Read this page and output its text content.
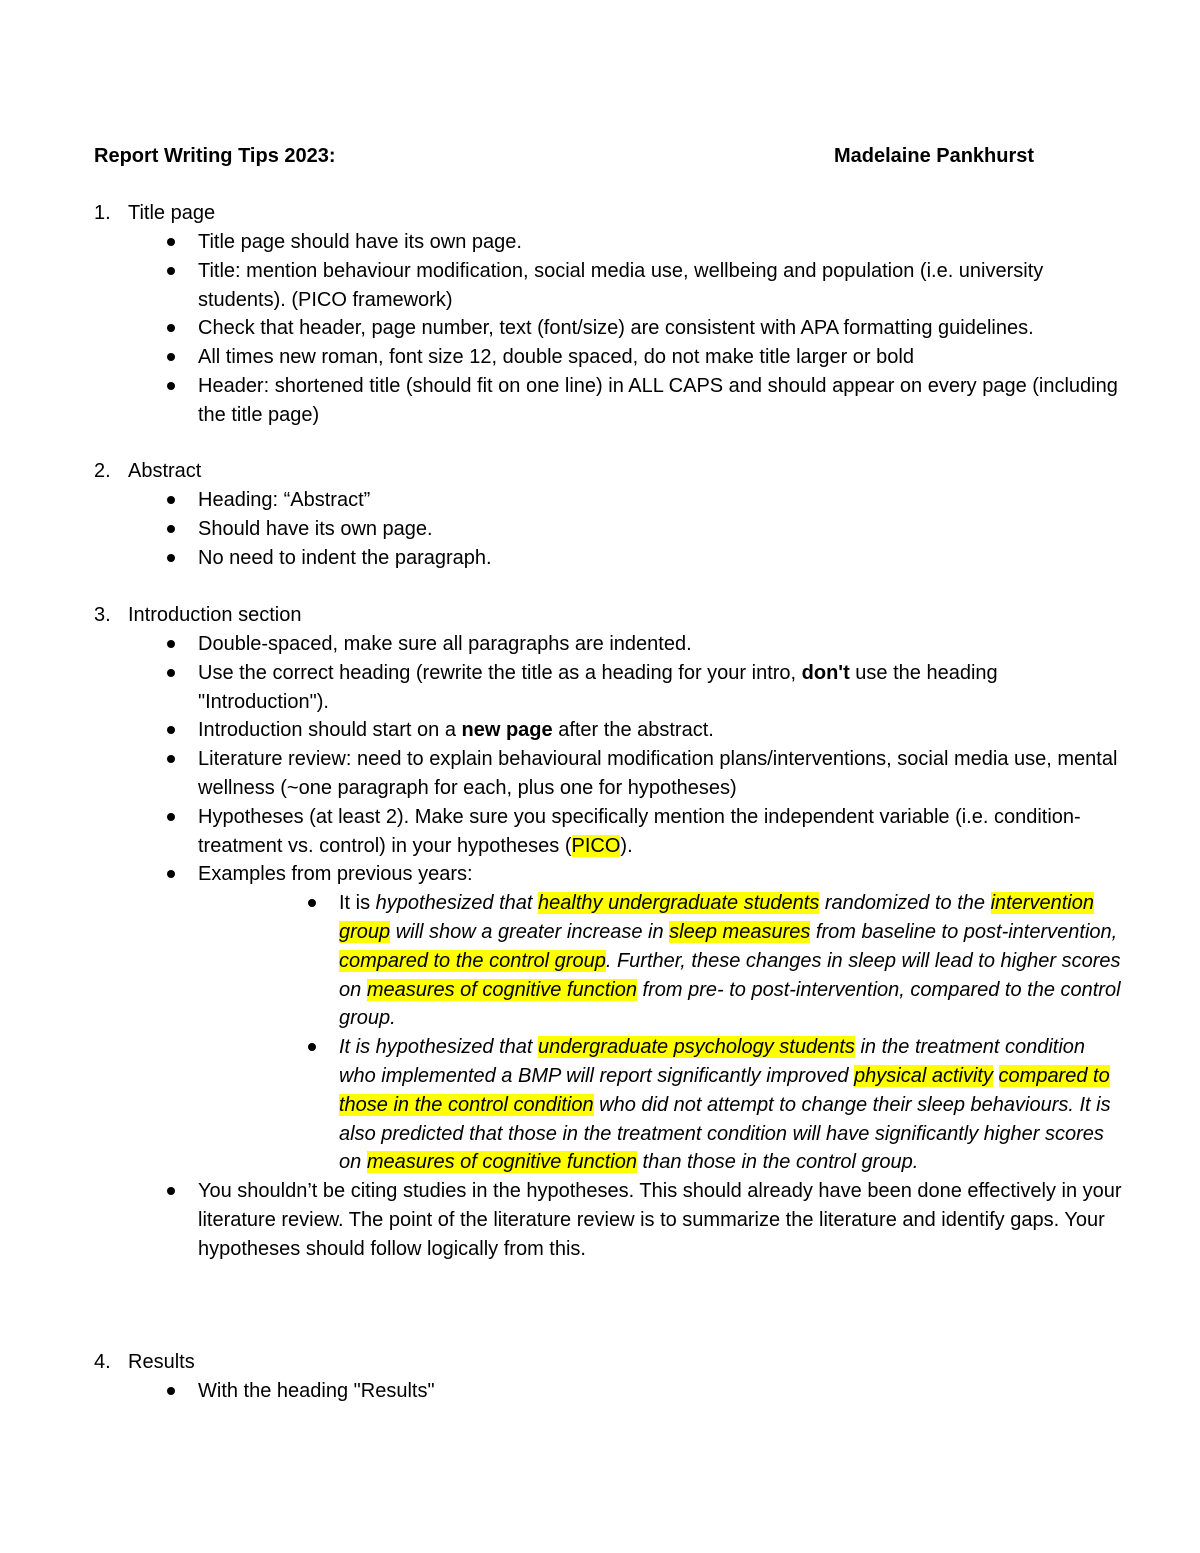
Report Writing Tips 2023:	Madelaine Pankhurst
1. Title page
Title page should have its own page.
Title: mention behaviour modification, social media use, wellbeing and population (i.e. university students). (PICO framework)
Check that header, page number, text (font/size) are consistent with APA formatting guidelines.
All times new roman, font size 12, double spaced, do not make title larger or bold
Header: shortened title (should fit on one line) in ALL CAPS and should appear on every page (including the title page)
2. Abstract
Heading: “Abstract”
Should have its own page.
No need to indent the paragraph.
3. Introduction section
Double-spaced, make sure all paragraphs are indented.
Use the correct heading (rewrite the title as a heading for your intro, don't use the heading "Introduction").
Introduction should start on a new page after the abstract.
Literature review: need to explain behavioural modification plans/interventions, social media use, mental wellness (~one paragraph for each, plus one for hypotheses)
Hypotheses (at least 2). Make sure you specifically mention the independent variable (i.e. condition- treatment vs. control) in your hypotheses (PICO).
Examples from previous years:
It is hypothesized that healthy undergraduate students randomized to the intervention group will show a greater increase in sleep measures from baseline to post-intervention, compared to the control group. Further, these changes in sleep will lead to higher scores on measures of cognitive function from pre- to post-intervention, compared to the control group.
It is hypothesized that undergraduate psychology students in the treatment condition who implemented a BMP will report significantly improved physical activity compared to those in the control condition who did not attempt to change their sleep behaviours. It is also predicted that those in the treatment condition will have significantly higher scores on measures of cognitive function than those in the control group.
You shouldn’t be citing studies in the hypotheses. This should already have been done effectively in your literature review. The point of the literature review is to summarize the literature and identify gaps. Your hypotheses should follow logically from this.
4. Results
With the heading "Results"
